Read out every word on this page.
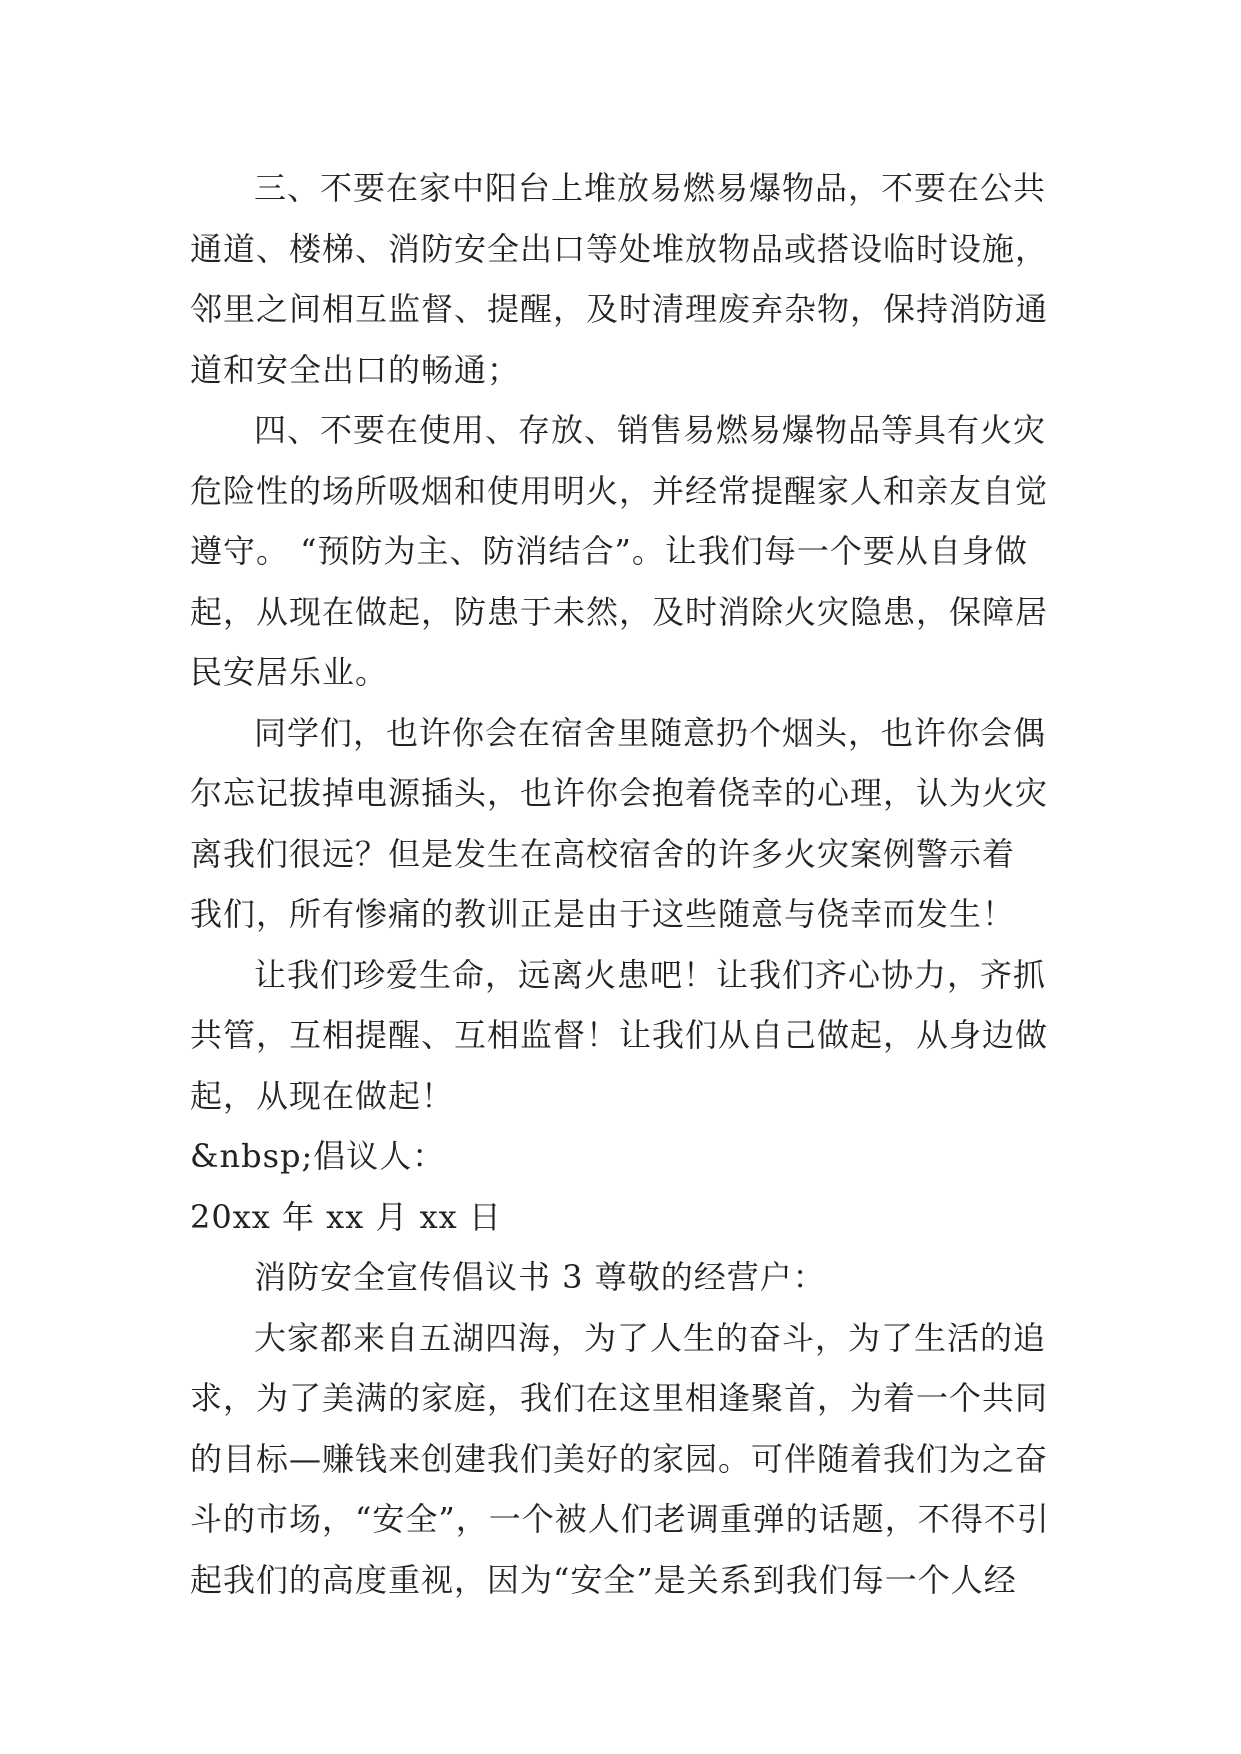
三、不要在家中阳台上堆放易燃易爆物品，不要在公共
通道、楼梯、消防安全出口等处堆放物品或搭设临时设施，
邻里之间相互监督、提醒，及时清理废弃杂物，保持消防通
道和安全出口的畅通；
四、不要在使用、存放、销售易燃易爆物品等具有火灾
危险性的场所吸烟和使用明火，并经常提醒家人和亲友自觉
遵守。 “预防为主、防消结合”。让我们每一个要从自身做
起，从现在做起，防患于未然，及时消除火灾隐患，保障居
民安居乐业。
同学们，也许你会在宿舍里随意扔个烟头，也许你会偶
尔忘记拔掉电源插头，也许你会抱着侥幸的心理，认为火灾
离我们很远？但是发生在高校宿舍的许多火灾案例警示着
我们，所有惨痛的教训正是由于这些随意与侥幸而发生！
让我们珍爱生命，远离火患吧！让我们齐心协力，齐抓
共管，互相提醒、互相监督！让我们从自己做起，从身边做
起，从现在做起！
&nbsp;倡议人：
20xx 年 xx 月 xx 日
消防安全宣传倡议书 3 尊敬的经营户：
大家都来自五湖四海，为了人生的奋斗，为了生活的追
求，为了美满的家庭，我们在这里相逢聚首，为着一个共同
的目标—赚钱来创建我们美好的家园。可伴随着我们为之奋
斗的市场，“安全”，一个被人们老调重弹的话题，不得不引
起我们的高度重视，因为“安全”是关系到我们每一个人经
